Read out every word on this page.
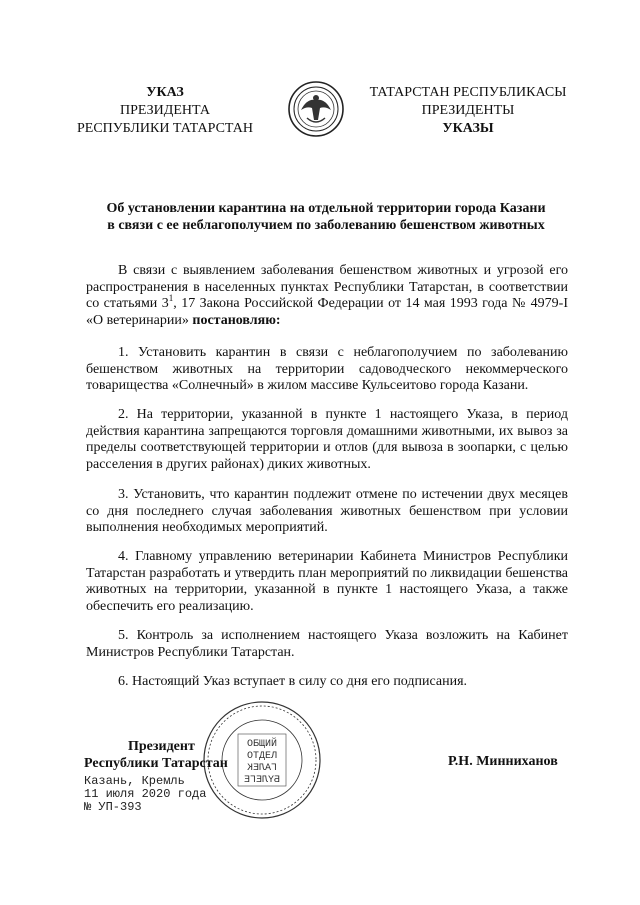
УКАЗ
ПРЕЗИДЕНТА
РЕСПУБЛИКИ ТАТАРСТАН
ТАТАРСТАН РЕСПУБЛИКАСЫ
ПРЕЗИДЕНТЫ
УКАЗЫ
Об установлении карантина на отдельной территории города Казани
в связи с ее неблагополучием по заболеванию бешенством животных

В связи с выявлением заболевания бешенством животных и угрозой его распространения в населенных пунктах Республики Татарстан, в соответствии со статьями $3^1$, 17 Закона Российской Федерации от 14 мая 1993 года № 4979-I «О ветеринарии» постановляю:

1. Установить карантин в связи с неблагополучием по заболеванию бешенством животных на территории садоводческого некоммерческого товарищества «Солнечный» в жилом массиве Кульсеитово города Казани.

2. На территории, указанной в пункте 1 настоящего Указа, в период действия карантина запрещаются торговля домашними животными, их вывоз за пределы соответствующей территории и отлов (для вывоза в зоопарки, с целью расселения в других районах) диких животных.

3. Установить, что карантин подлежит отмене по истечении двух месяцев со дня последнего случая заболевания животных бешенством при условии выполнения необходимых мероприятий.

4. Главному управлению ветеринарии Кабинета Министров Республики Татарстан разработать и утвердить план мероприятий по ликвидации бешенства животных на территории, указанной в пункте 1 настоящего Указа, а также обеспечить его реализацию.

5. Контроль за исполнением настоящего Указа возложить на Кабинет Министров Республики Татарстан.

6. Настоящий Указ вступает в силу со дня его подписания.

ОБЩИЙ
ОТДЕЛ
ГАЛЕК
БҮЛЕГЕ
Президент
Республики Татарстан	Р.Н. Минниханов
Казань, Кремль
11 июля 2020 года
№ УП-393
